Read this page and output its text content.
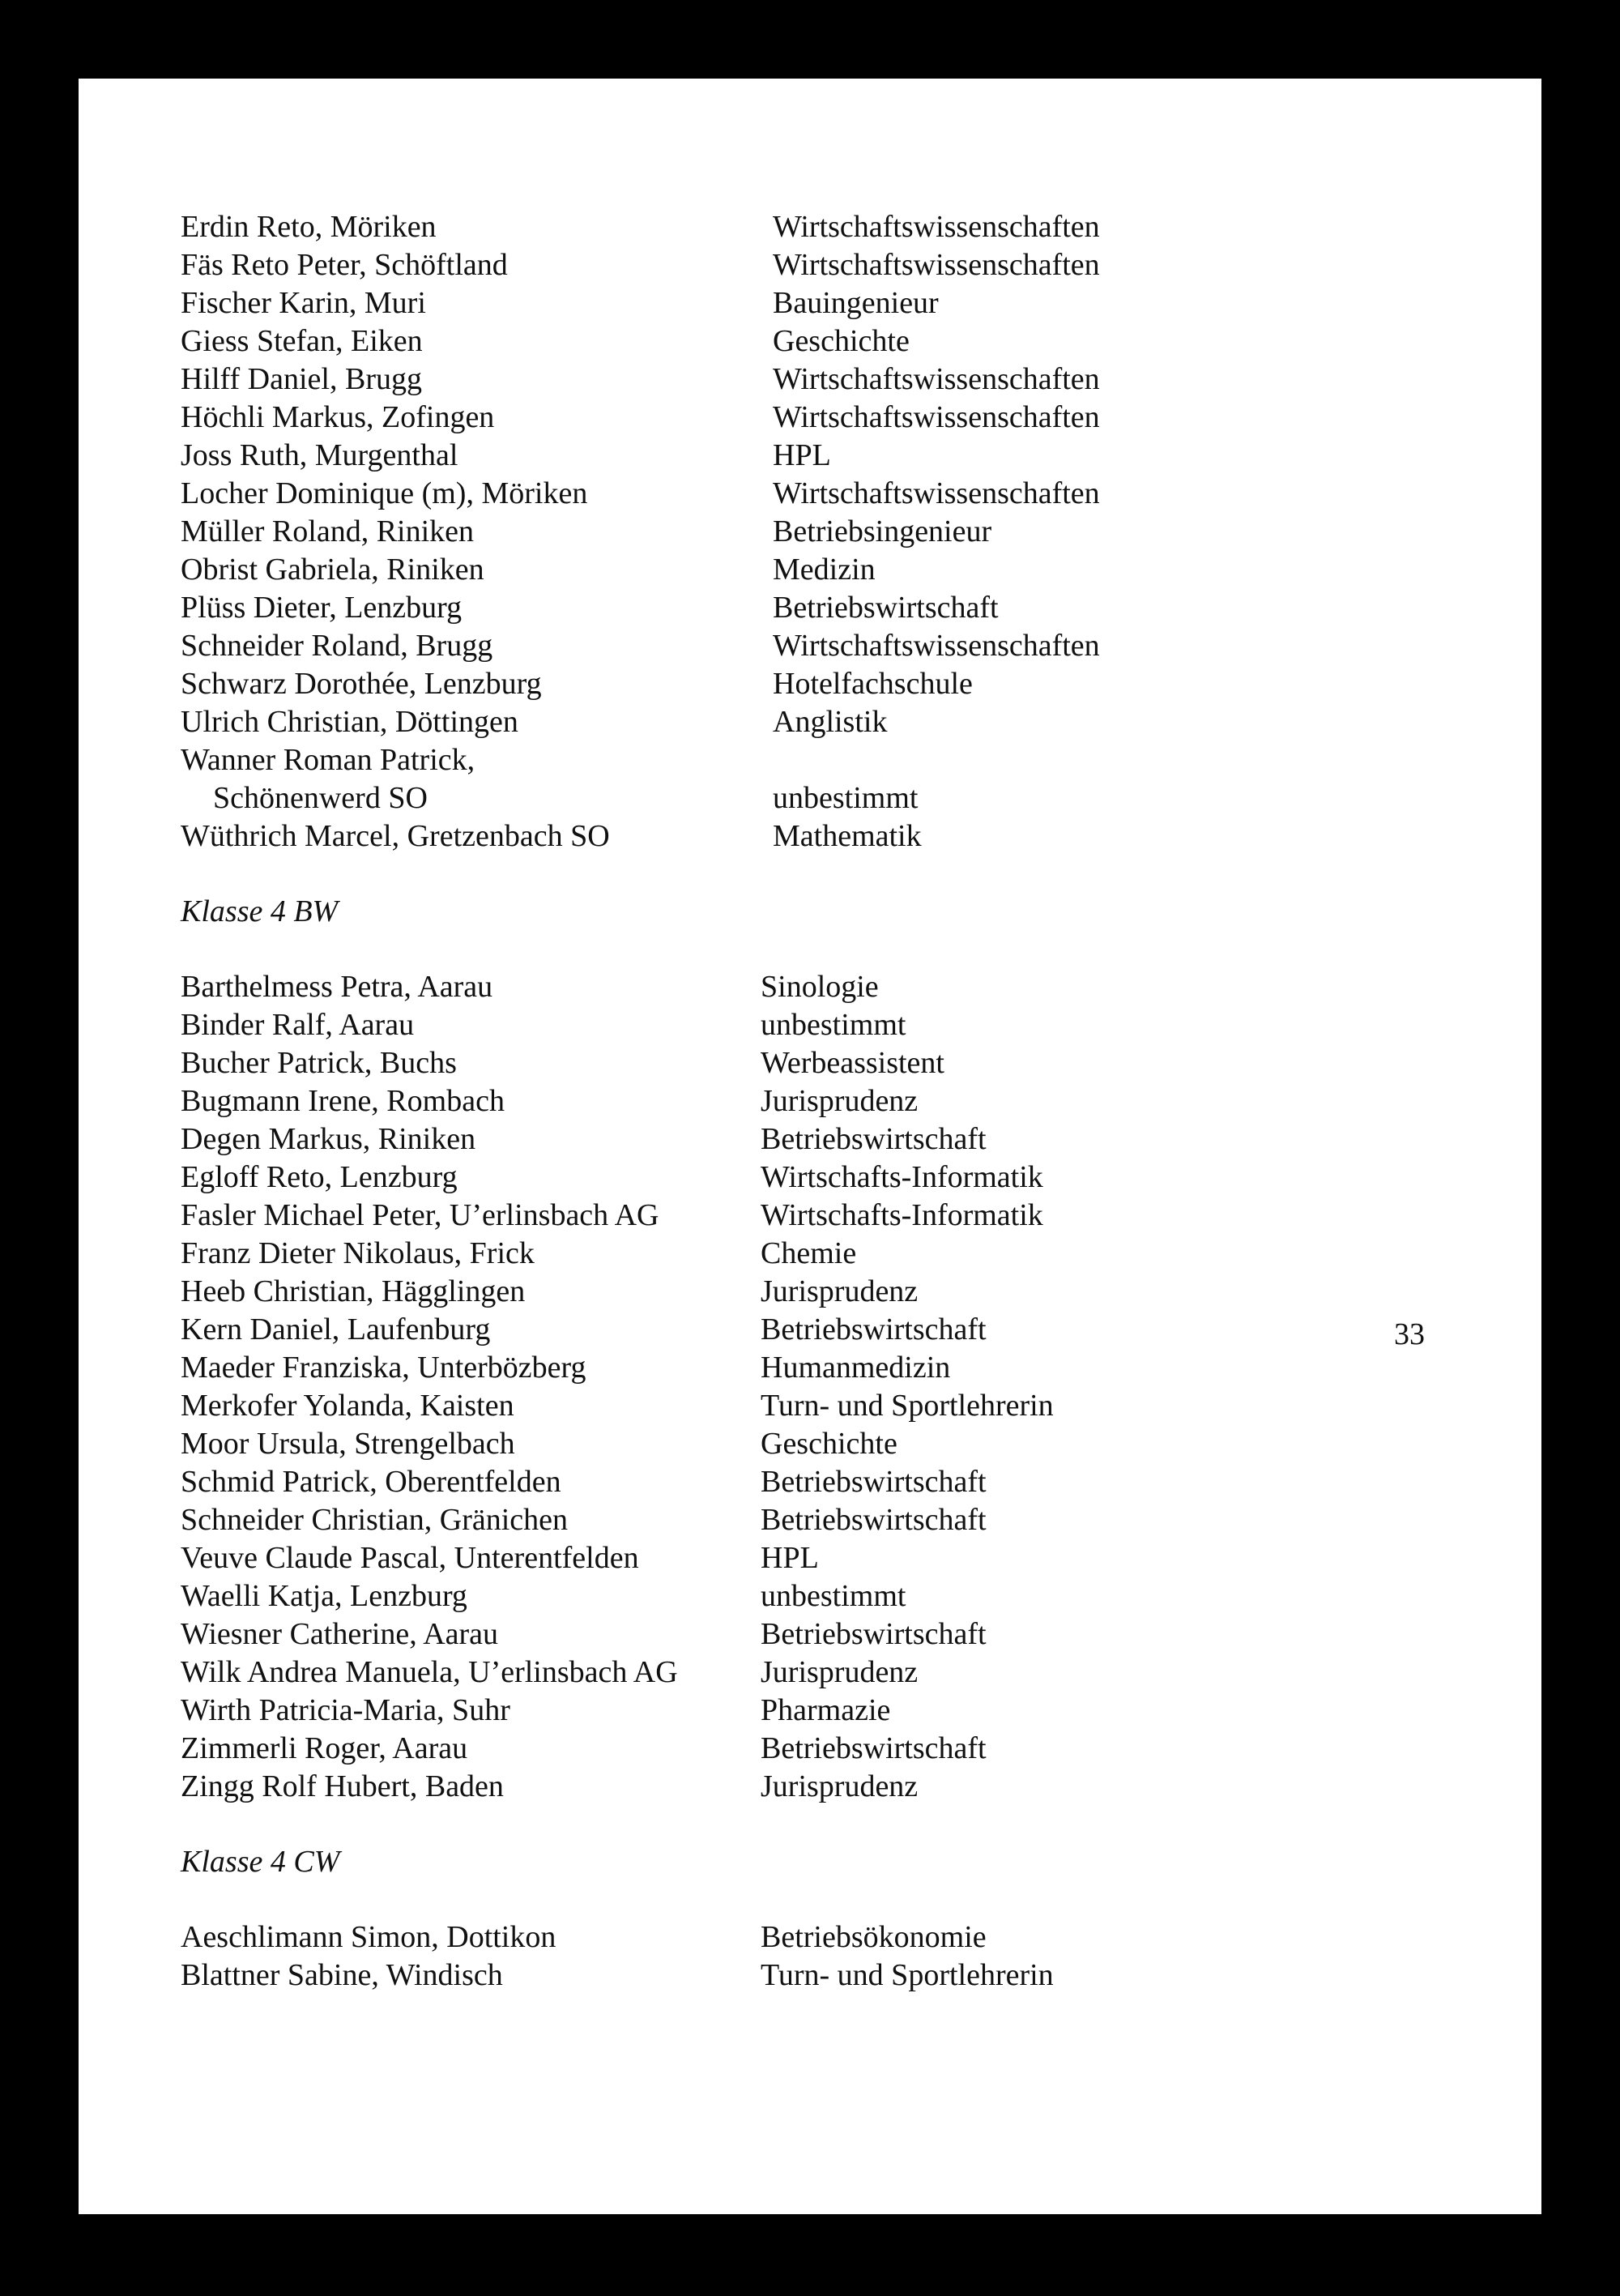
Erdin Reto, Möriken	Wirtschaftswissenschaften
Fäs Reto Peter, Schöftland	Wirtschaftswissenschaften
Fischer Karin, Muri	Bauingenieur
Giess Stefan, Eiken	Geschichte
Hilff Daniel, Brugg	Wirtschaftswissenschaften
Höchli Markus, Zofingen	Wirtschaftswissenschaften
Joss Ruth, Murgenthal	HPL
Locher Dominique (m), Möriken	Wirtschaftswissenschaften
Müller Roland, Riniken	Betriebsingenieur
Obrist Gabriela, Riniken	Medizin
Plüss Dieter, Lenzburg	Betriebswirtschaft
Schneider Roland, Brugg	Wirtschaftswissenschaften
Schwarz Dorothée, Lenzburg	Hotelfachschule
Ulrich Christian, Döttingen	Anglistik
Wanner Roman Patrick,
Schönenwerd SO	unbestimmt
Wüthrich Marcel, Gretzenbach SO	Mathematik
Klasse 4 BW
Barthelmess Petra, Aarau	Sinologie
Binder Ralf, Aarau	unbestimmt
Bucher Patrick, Buchs	Werbeassistent
Bugmann Irene, Rombach	Jurisprudenz
Degen Markus, Riniken	Betriebswirtschaft
Egloff Reto, Lenzburg	Wirtschafts-Informatik
Fasler Michael Peter, U’erlinsbach AG	Wirtschafts-Informatik
Franz Dieter Nikolaus, Frick	Chemie
Heeb Christian, Hägglingen	Jurisprudenz
Kern Daniel, Laufenburg	Betriebswirtschaft
Maeder Franziska, Unterbözberg	Humanmedizin
Merkofer Yolanda, Kaisten	Turn- und Sportlehrerin
Moor Ursula, Strengelbach	Geschichte
Schmid Patrick, Oberentfelden	Betriebswirtschaft
Schneider Christian, Gränichen	Betriebswirtschaft
Veuve Claude Pascal, Unterentfelden	HPL
Waelli Katja, Lenzburg	unbestimmt
Wiesner Catherine, Aarau	Betriebswirtschaft
Wilk Andrea Manuela, U’erlinsbach AG	Jurisprudenz
Wirth Patricia-Maria, Suhr	Pharmazie
Zimmerli Roger, Aarau	Betriebswirtschaft
Zingg Rolf Hubert, Baden	Jurisprudenz
Klasse 4 CW
Aeschlimann Simon, Dottikon	Betriebsökonomie
Blattner Sabine, Windisch	Turn- und Sportlehrerin
33
